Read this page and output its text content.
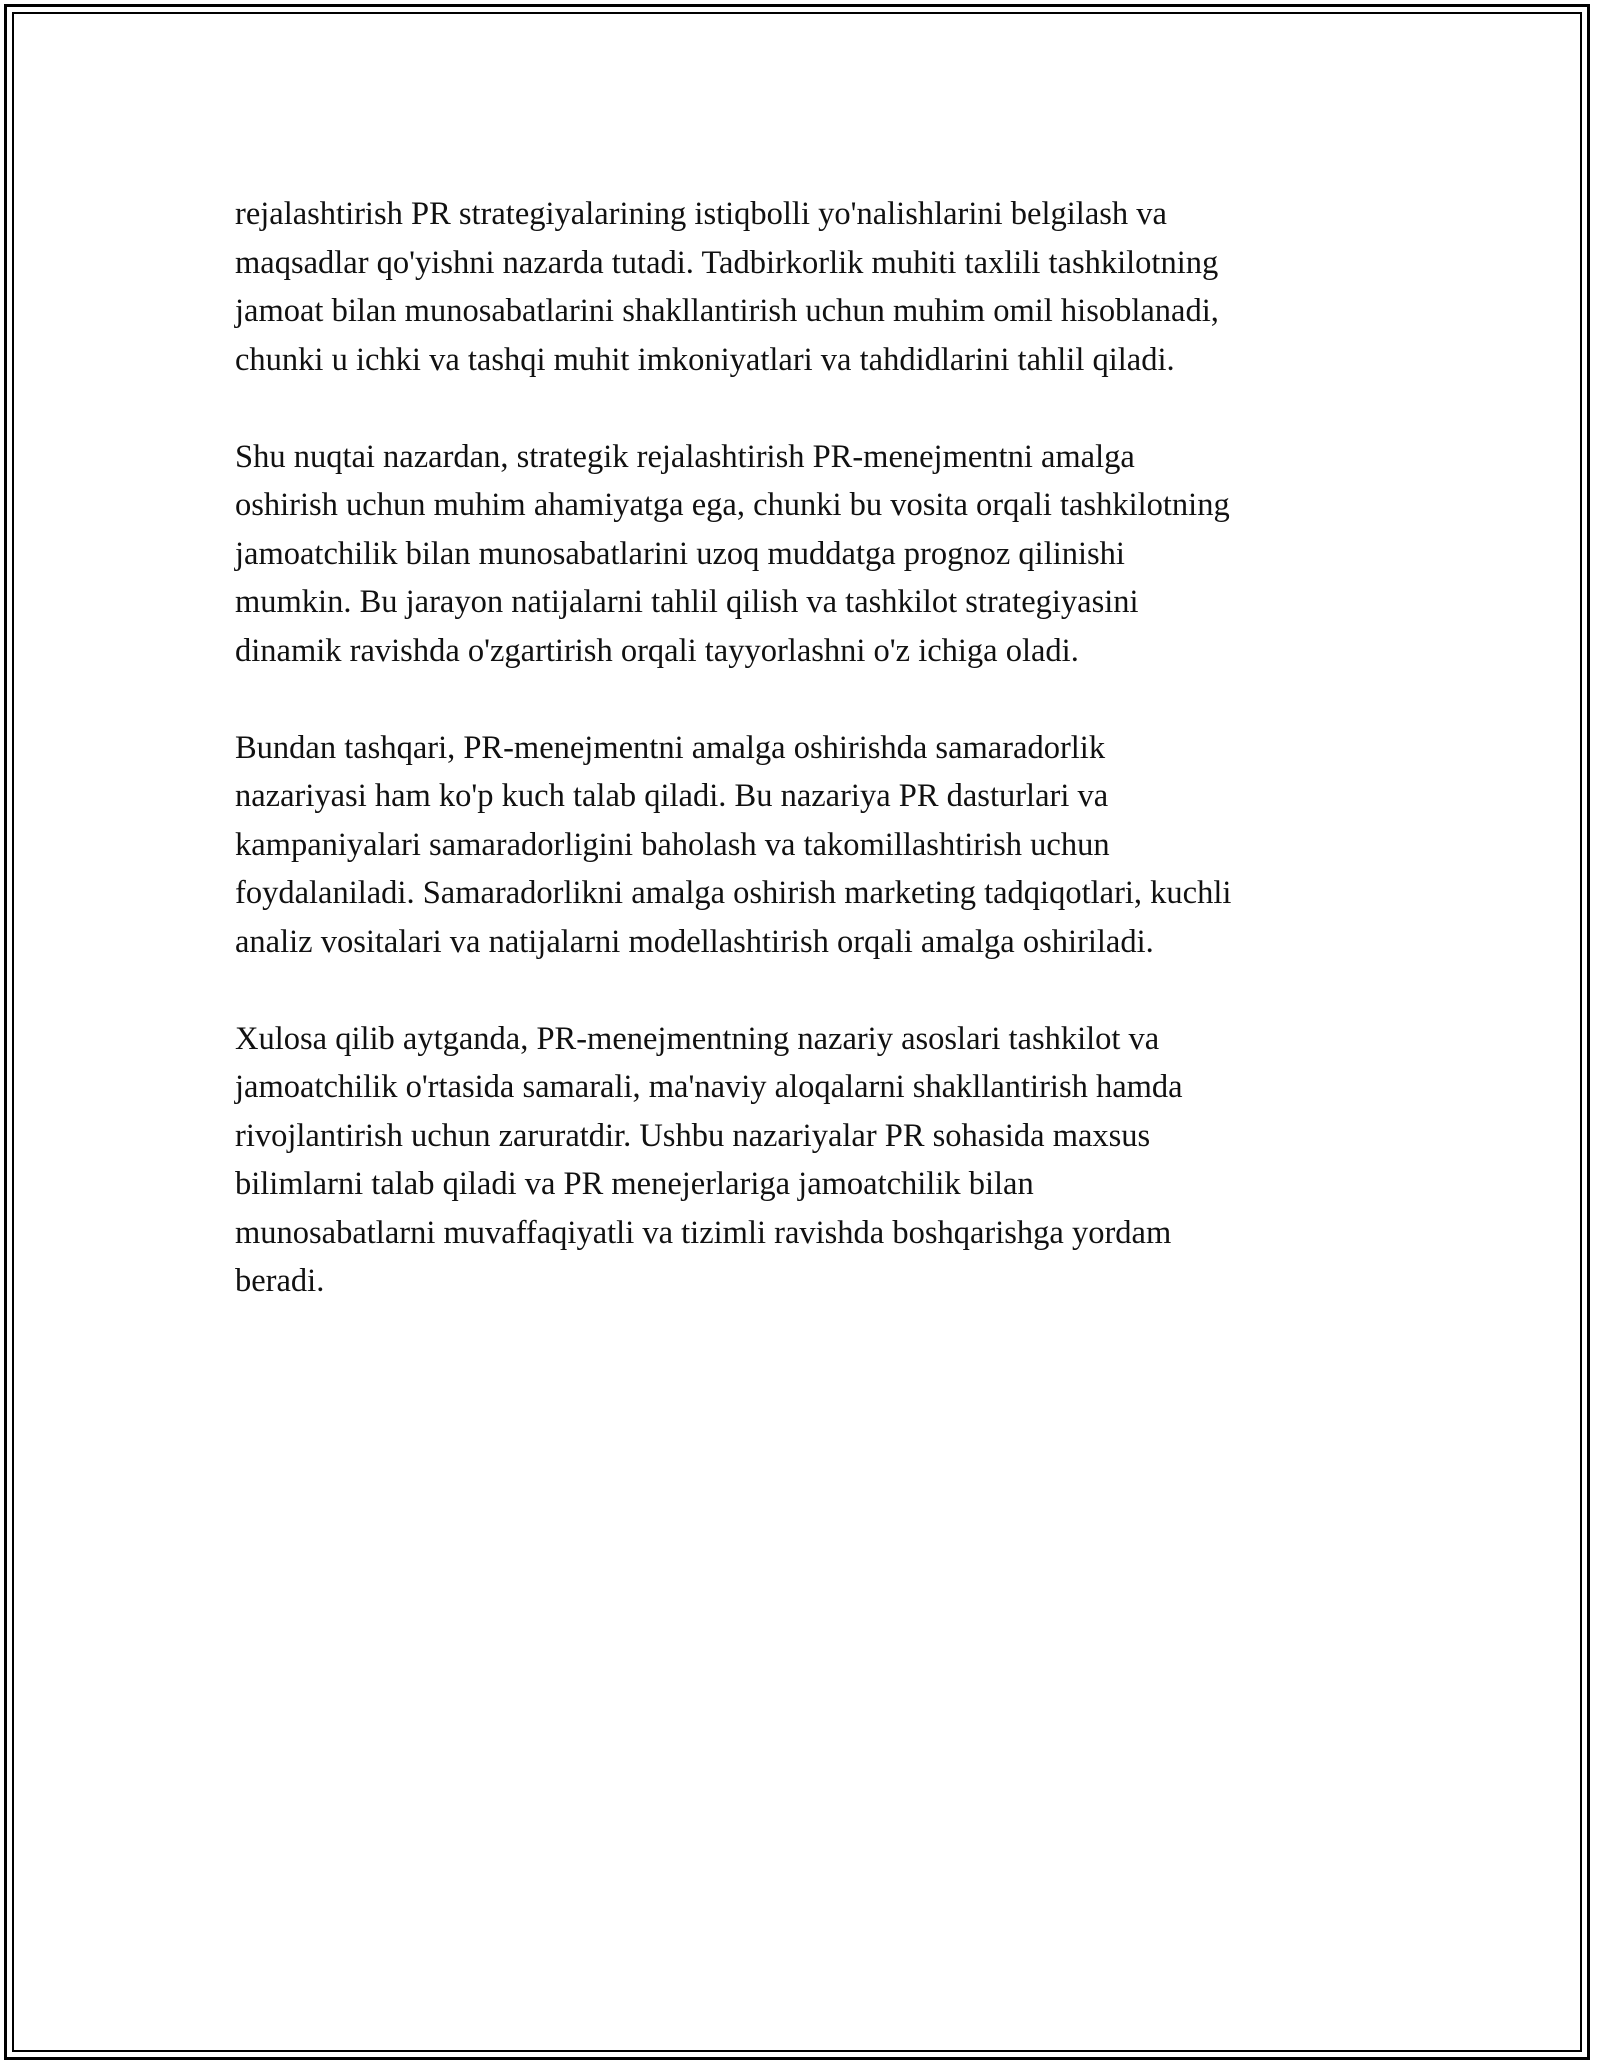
rejalashtirish PR strategiyalarining istiqbolli yo'nalishlarini belgilash va
maqsadlar qo'yishni nazarda tutadi. Tadbirkorlik muhiti taxlili tashkilotning
jamoat bilan munosabatlarini shakllantirish uchun muhim omil hisoblanadi,
chunki u ichki va tashqi muhit imkoniyatlari va tahdidlarini tahlil qiladi.

Shu nuqtai nazardan, strategik rejalashtirish PR-menejmentni amalga
oshirish uchun muhim ahamiyatga ega, chunki bu vosita orqali tashkilotning
jamoatchilik bilan munosabatlarini uzoq muddatga prognoz qilinishi
mumkin. Bu jarayon natijalarni tahlil qilish va tashkilot strategiyasini
dinamik ravishda o'zgartirish orqali tayyorlashni o'z ichiga oladi.

Bundan tashqari, PR-menejmentni amalga oshirishda samaradorlik
nazariyasi ham ko'p kuch talab qiladi. Bu nazariya PR dasturlari va
kampaniyalari samaradorligini baholash va takomillashtirish uchun
foydalaniladi. Samaradorlikni amalga oshirish marketing tadqiqotlari, kuchli
analiz vositalari va natijalarni modellashtirish orqali amalga oshiriladi.

Xulosa qilib aytganda, PR-menejmentning nazariy asoslari tashkilot va
jamoatchilik o'rtasida samarali, ma'naviy aloqalarni shakllantirish hamda
rivojlantirish uchun zaruratdir. Ushbu nazariyalar PR sohasida maxsus
bilimlarni talab qiladi va PR menejerlariga jamoatchilik bilan
munosabatlarni muvaffaqiyatli va tizimli ravishda boshqarishga yordam
beradi.
